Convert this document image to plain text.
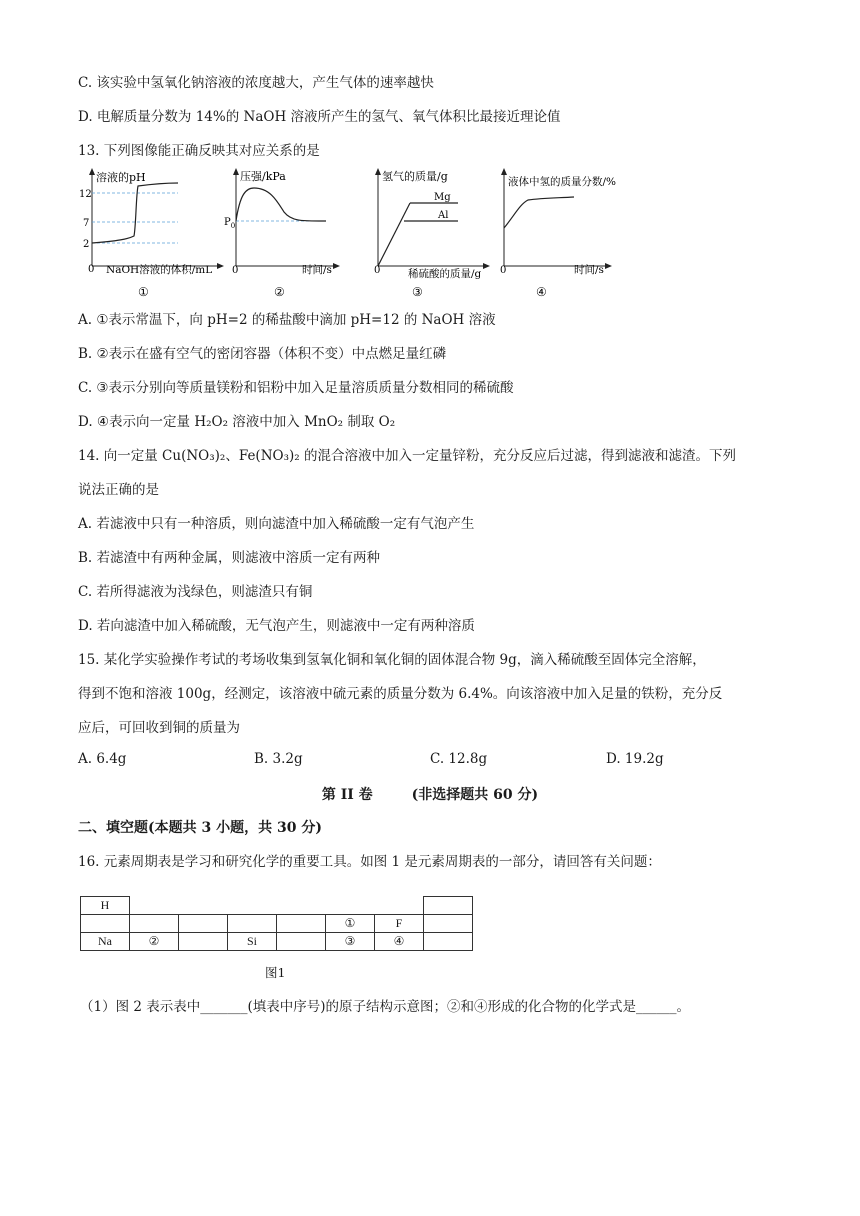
C. 该实验中氢氧化钠溶液的浓度越大，产生气体的速率越快
D. 电解质量分数为 14%的 NaOH 溶液所产生的氢气、氧气体积比最接近理论值
13. 下列图像能正确反映其对应关系的是
溶液的pH
12
7
2
0 NaOH溶液的体积/mL
①
压强/kPa
$P_0$
0	时间/s
②
氢气的质量/g
Mg
Al
0	稀硫酸的质量/g
③
液体中氢的质量分数/%
0	时间/s
④
A. ①表示常温下，向 pH=2 的稀盐酸中滴加 pH=12 的 NaOH 溶液
B. ②表示在盛有空气的密闭容器（体积不变）中点燃足量红磷
C. ③表示分别向等质量镁粉和铝粉中加入足量溶质质量分数相同的稀硫酸
D. ④表示向一定量 H₂O₂ 溶液中加入 MnO₂ 制取 O₂
14. 向一定量 Cu(NO₃)₂、Fe(NO₃)₂ 的混合溶液中加入一定量锌粉，充分反应后过滤，得到滤液和滤渣。下列
说法正确的是
A. 若滤液中只有一种溶质，则向滤渣中加入稀硫酸一定有气泡产生
B. 若滤渣中有两种金属，则滤液中溶质一定有两种
C. 若所得滤液为浅绿色，则滤渣只有铜
D. 若向滤渣中加入稀硫酸，无气泡产生，则滤液中一定有两种溶质
15. 某化学实验操作考试的考场收集到氢氧化铜和氧化铜的固体混合物 9g，滴入稀硫酸至固体完全溶解，
得到不饱和溶液 100g，经测定，该溶液中硫元素的质量分数为 6.4%。向该溶液中加入足量的铁粉，充分反
应后，可回收到铜的质量为
A. 6.4g	B. 3.2g	C. 12.8g	D. 19.2g
第 II 卷        (非选择题共 60 分)
二、填空题(本题共 3 小题，共 30 分)
16. 元素周期表是学习和研究化学的重要工具。如图 1 是元素周期表的一部分，请回答有关问题：
H							
					①	F	
Na	②		Si		③	④	
图1
（1）图 2 表示表中_______(填表中序号)的原子结构示意图；②和④形成的化合物的化学式是______。
